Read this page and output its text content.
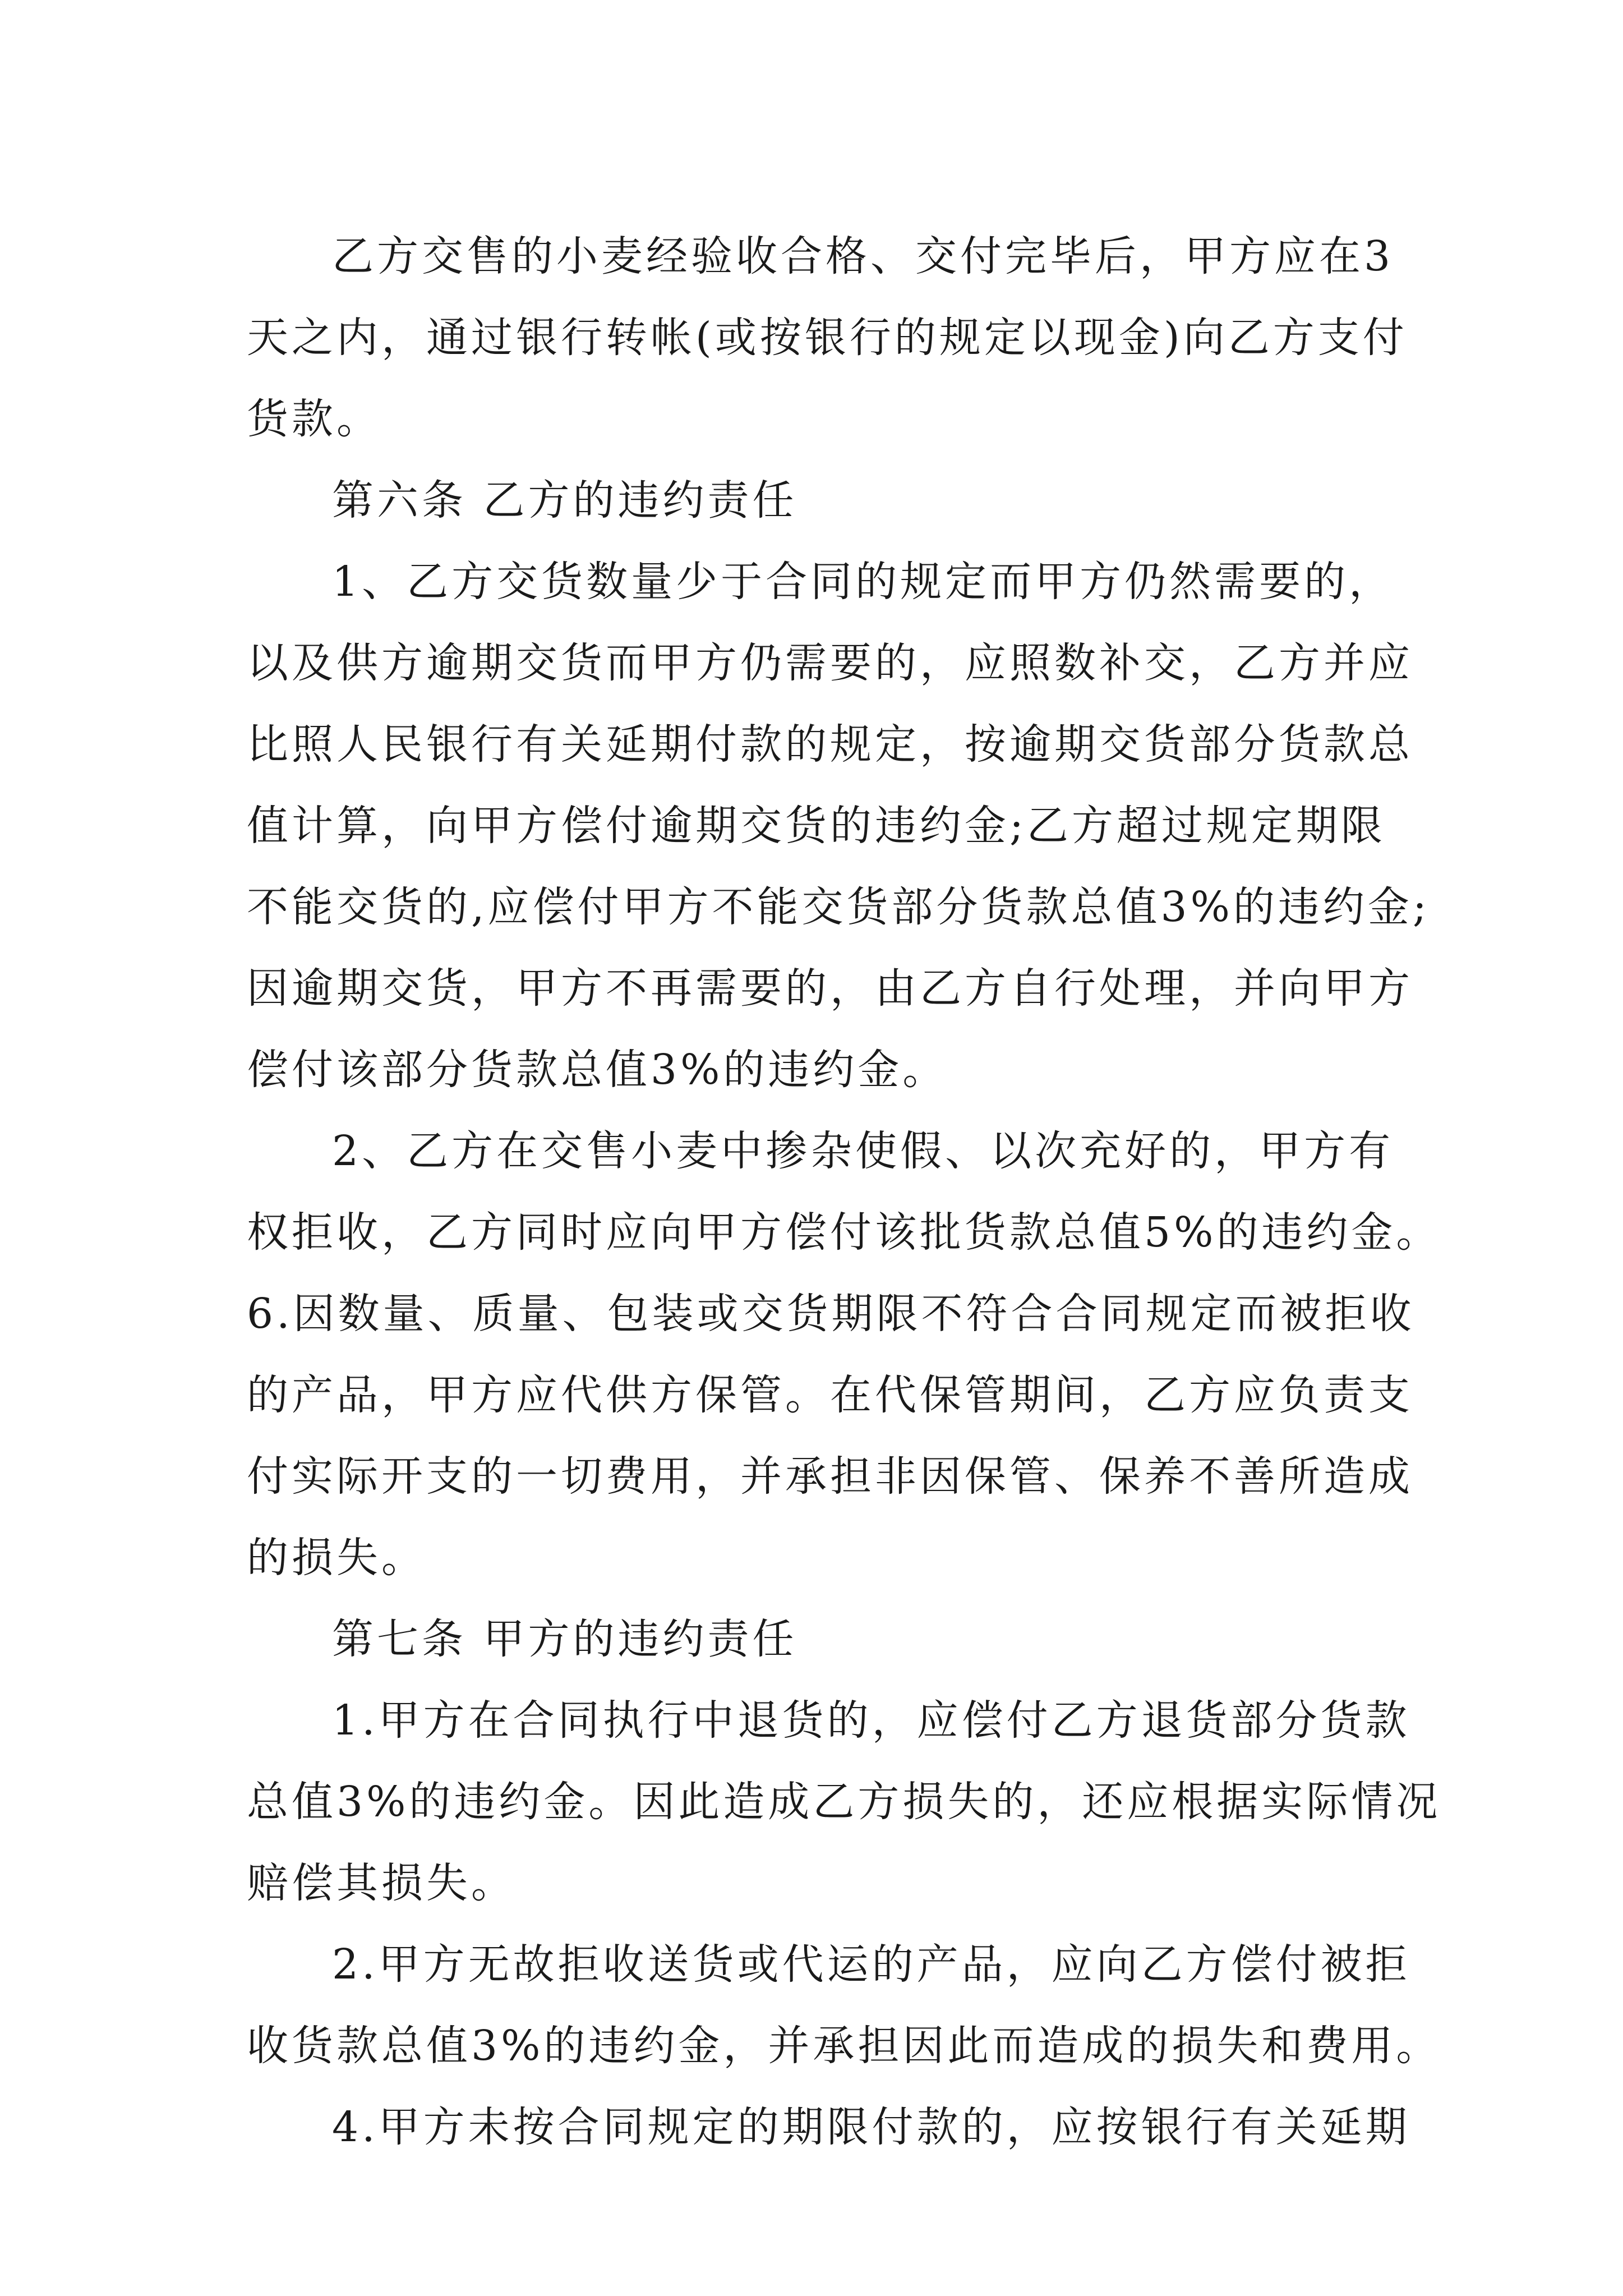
乙方交售的小麦经验收合格、交付完毕后，甲方应在3
天之内，通过银行转帐(或按银行的规定以现金)向乙方支付
货款。
第六条 乙方的违约责任
1、乙方交货数量少于合同的规定而甲方仍然需要的，
以及供方逾期交货而甲方仍需要的，应照数补交，乙方并应
比照人民银行有关延期付款的规定，按逾期交货部分货款总
值计算，向甲方偿付逾期交货的违约金;乙方超过规定期限
不能交货的,应偿付甲方不能交货部分货款总值3%的违约金;
因逾期交货，甲方不再需要的，由乙方自行处理，并向甲方
偿付该部分货款总值3%的违约金。
2、乙方在交售小麦中掺杂使假、以次充好的，甲方有
权拒收，乙方同时应向甲方偿付该批货款总值5%的违约金。
6.因数量、质量、包装或交货期限不符合合同规定而被拒收
的产品，甲方应代供方保管。在代保管期间，乙方应负责支
付实际开支的一切费用，并承担非因保管、保养不善所造成
的损失。
第七条 甲方的违约责任
1.甲方在合同执行中退货的，应偿付乙方退货部分货款
总值3%的违约金。因此造成乙方损失的，还应根据实际情况
赔偿其损失。
2.甲方无故拒收送货或代运的产品，应向乙方偿付被拒
收货款总值3%的违约金，并承担因此而造成的损失和费用。
4.甲方未按合同规定的期限付款的，应按银行有关延期
